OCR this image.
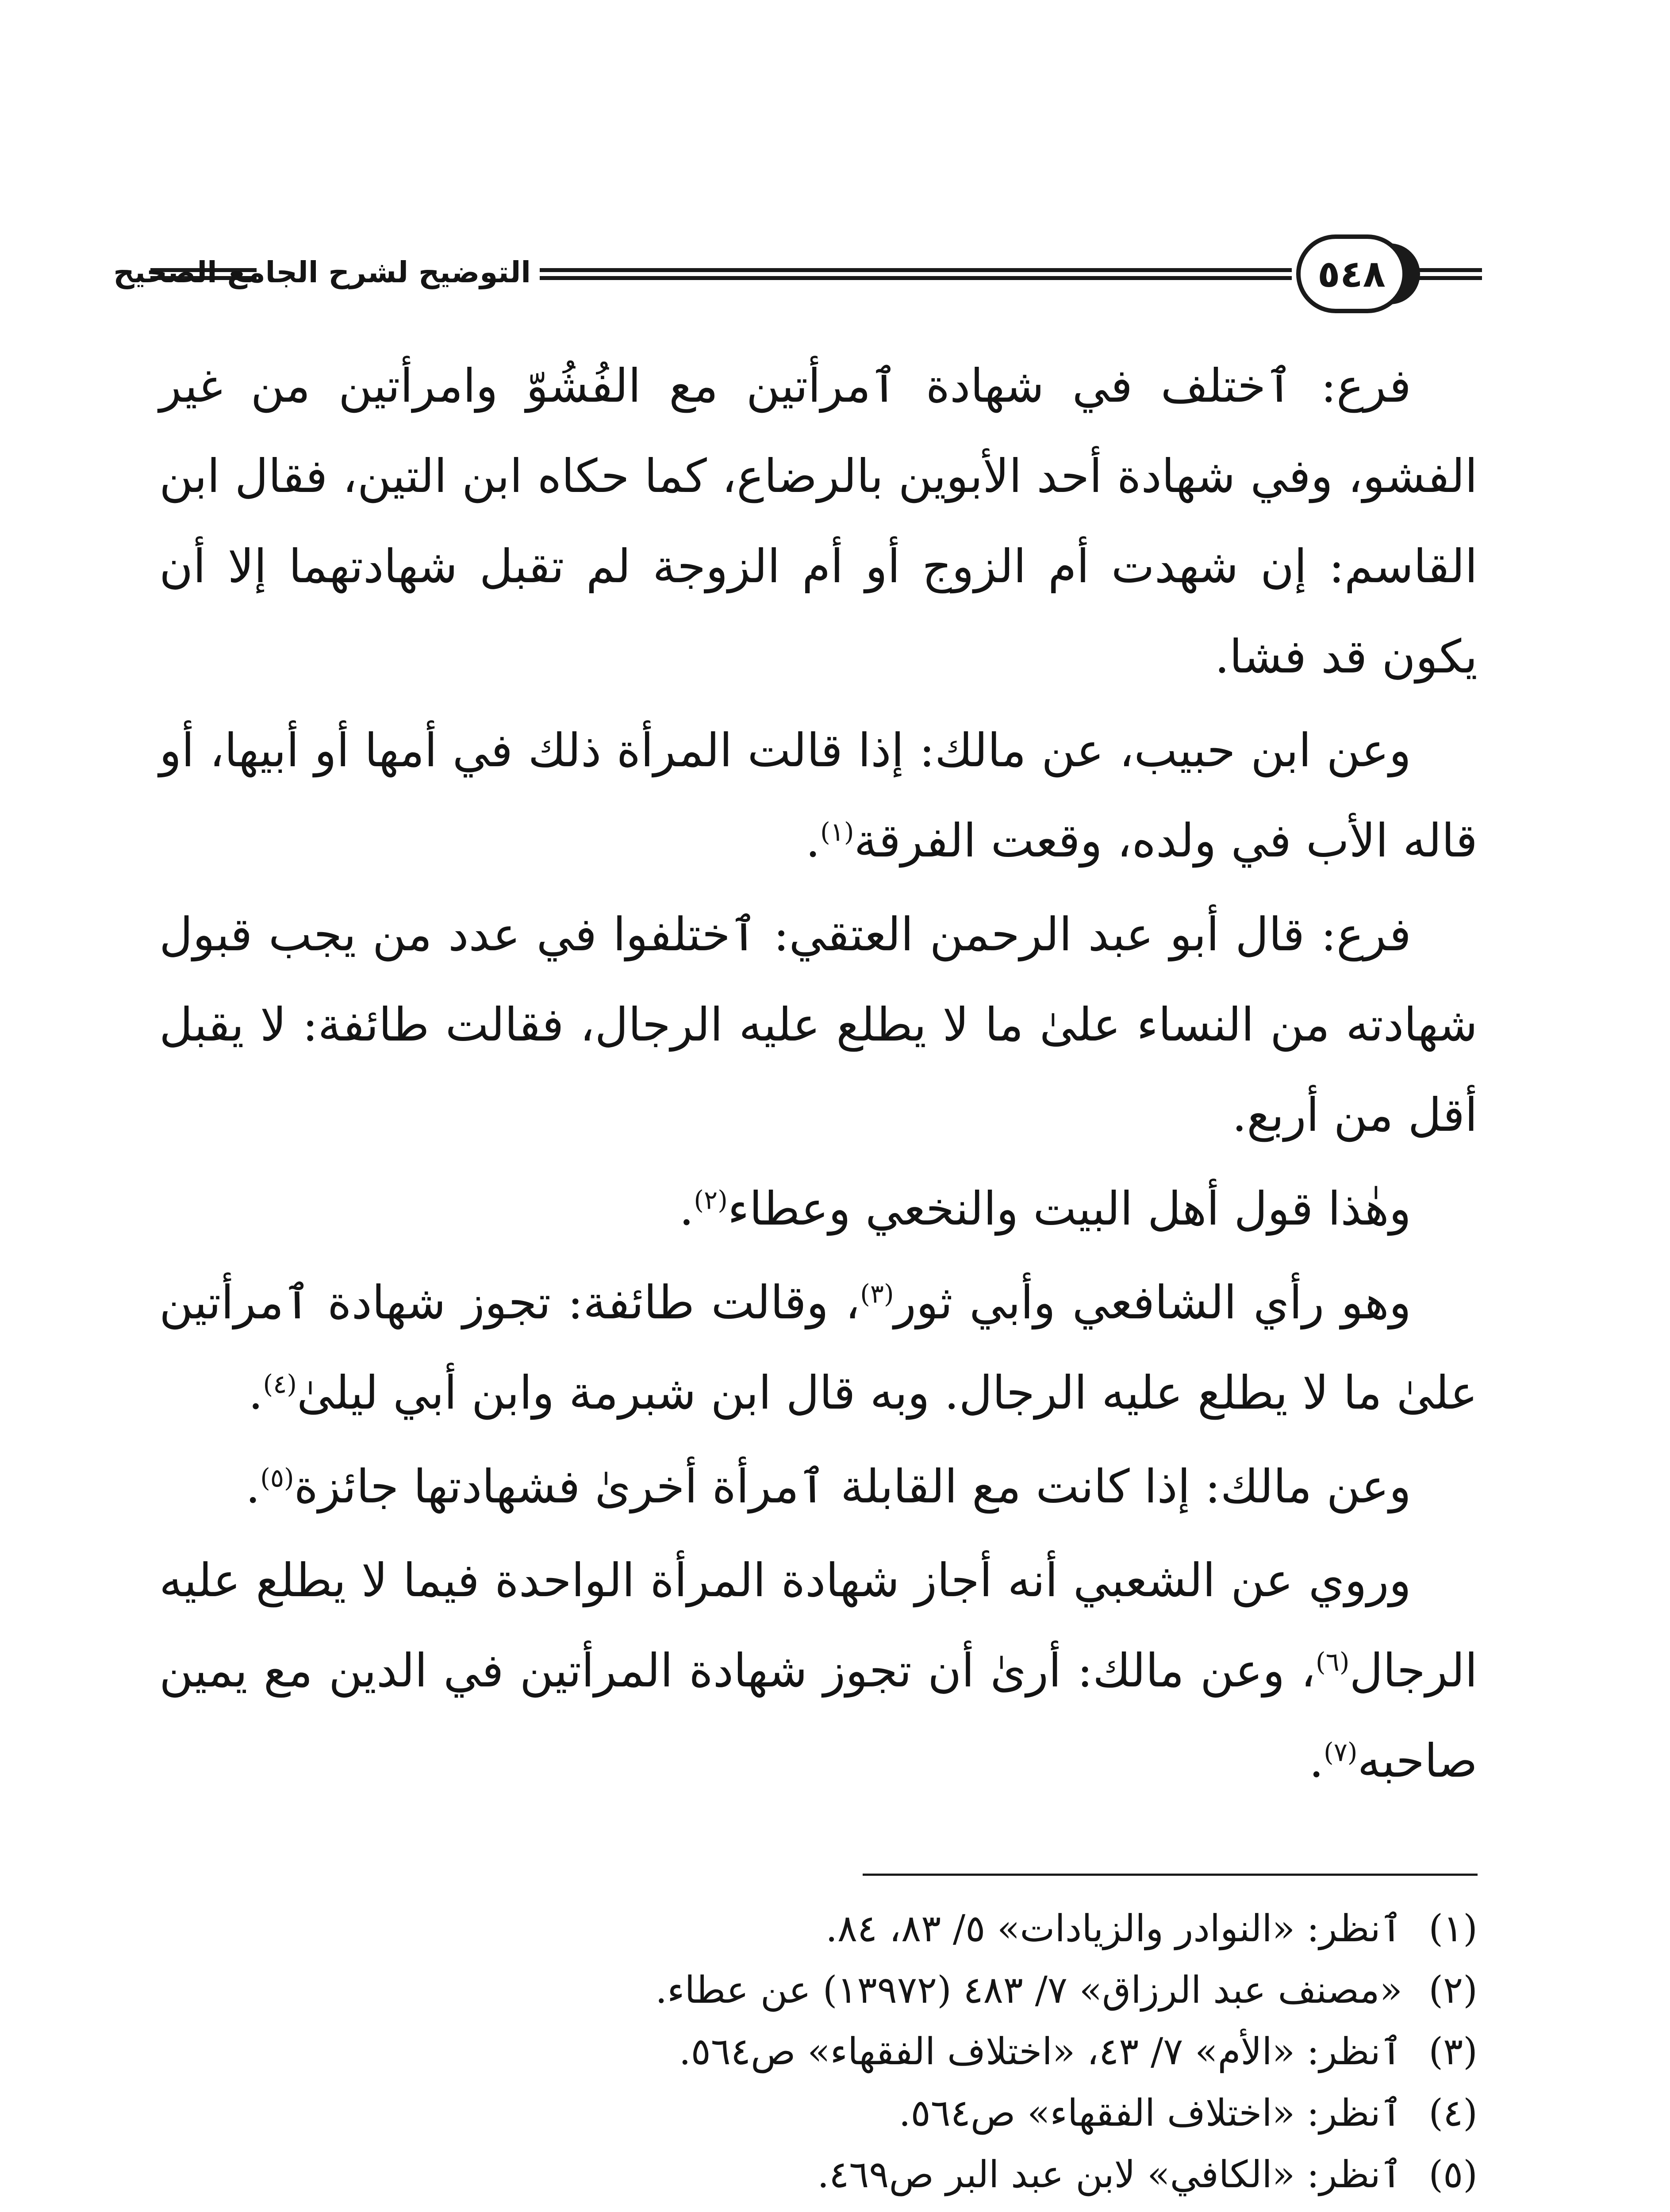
٥٤٨
التوضيح لشرح الجامع الصحيح

فرع: ٱختلف في شهادة ٱمرأتين مع الفُشُوّ وامرأتين من غير الفشو، وفي شهادة أحد الأبوين بالرضاع، كما حكاه ابن التين، فقال ابن القاسم: إن شهدت أم الزوج أو أم الزوجة لم تقبل شهادتهما إلا أن يكون قد فشا.

وعن ابن حبيب، عن مالك: إذا قالت المرأة ذلك في أمها أو أبيها، أو قاله الأب في ولده، وقعت الفرقة$^{(١)}$.

فرع: قال أبو عبد الرحمن العتقي: ٱختلفوا في عدد من يجب قبول شهادته من النساء علىٰ ما لا يطلع عليه الرجال، فقالت طائفة: لا يقبل أقل من أربع.

وهٰذا قول أهل البيت والنخعي وعطاء$^{(٢)}$.

وهو رأي الشافعي وأبي ثور$^{(٣)}$، وقالت طائفة: تجوز شهادة ٱمرأتين علىٰ ما لا يطلع عليه الرجال. وبه قال ابن شبرمة وابن أبي ليلىٰ$^{(٤)}$.

وعن مالك: إذا كانت مع القابلة ٱمرأة أخرىٰ فشهادتها جائزة$^{(٥)}$.

وروي عن الشعبي أنه أجاز شهادة المرأة الواحدة فيما لا يطلع عليه الرجال$^{(٦)}$، وعن مالك: أرىٰ أن تجوز شهادة المرأتين في الدين مع يمين صاحبه$^{(٧)}$.

(١)
ٱنظر: «النوادر والزيادات» ٥/ ٨٣، ٨٤.
(٢)
«مصنف عبد الرزاق» ٧/ ٤٨٣ (١٣٩٧٢) عن عطاء.
(٣)
ٱنظر: «الأم» ٧/ ٤٣، «اختلاف الفقهاء» ص٥٦٤.
(٤)
ٱنظر: «اختلاف الفقهاء» ص٥٦٤.
(٥)
ٱنظر: «الكافي» لابن عبد البر ص٤٦٩.
